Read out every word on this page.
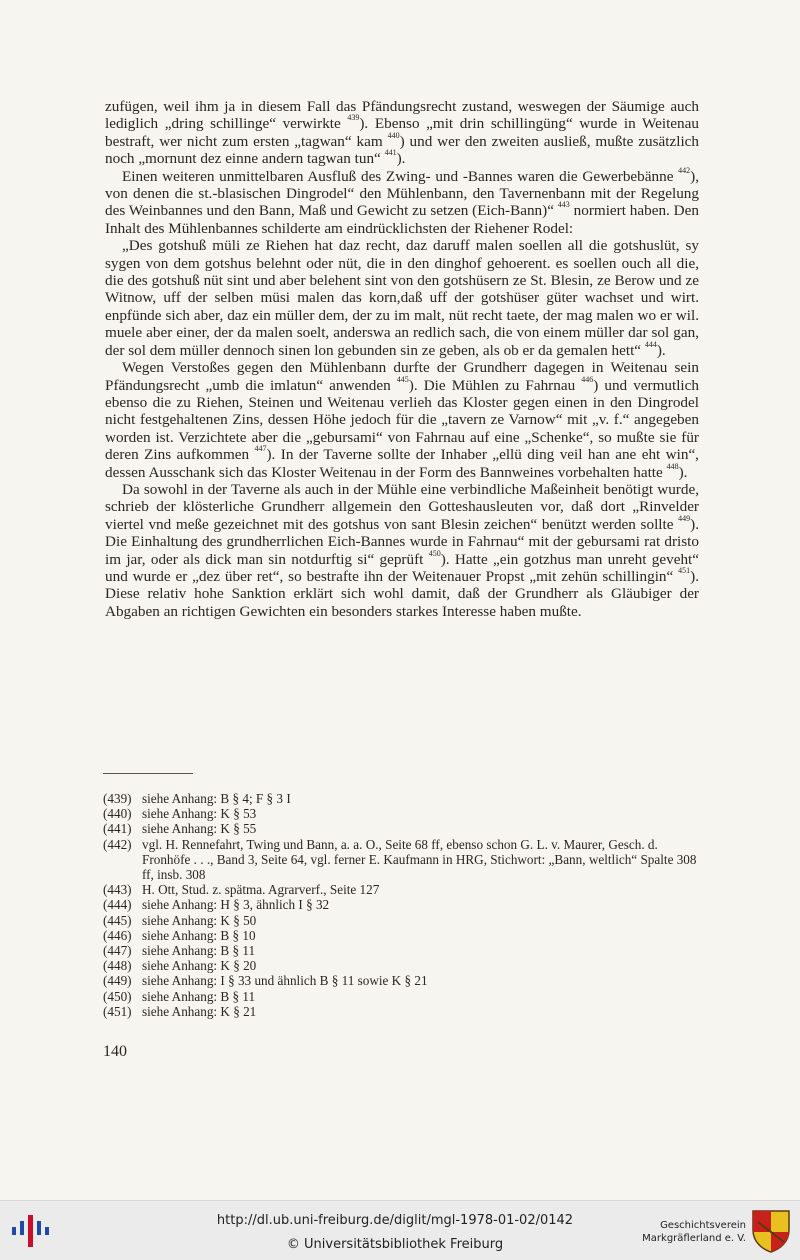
zufügen, weil ihm ja in diesem Fall das Pfändungsrecht zustand, weswegen der Säumige auch lediglich „dring schillinge“ verwirkte $^{439}$). Ebenso „mit drin schillingüng“ wurde in Weitenau bestraft, wer nicht zum ersten „tagwan“ kam $^{440}$) und wer den zweiten ausließ, mußte zusätzlich noch „mornunt dez einne andern tagwan tun“ $^{441}$).

Einen weiteren unmittelbaren Ausfluß des Zwing- und -Bannes waren die Gewerbebänne $^{442}$), von denen die st.-blasischen Dingrodel“ den Mühlenbann, den Tavernenbann mit der Regelung des Weinbannes und den Bann, Maß und Gewicht zu setzen (Eich-Bann)“ $^{443}$ normiert haben. Den Inhalt des Mühlenbannes schilderte am eindrücklichsten der Riehener Rodel:

„Des gotshuß müli ze Riehen hat daz recht, daz daruff malen soellen all die gotshuslüt, sy sygen von dem gotshus belehnt oder nüt, die in den dinghof gehoerent. es soellen ouch all die, die des gotshuß nüt sint und aber belehent sint von den gotshüsern ze St. Blesin, ze Berow und ze Witnow, uff der selben müsi malen das korn,daß uff der gotshüser güter wachset und wirt. enpfünde sich aber, daz ein müller dem, der zu im malt, nüt recht taete, der mag malen wo er wil. muele aber einer, der da malen soelt, anderswa an redlich sach, die von einem müller dar sol gan, der sol dem müller dennoch sinen lon gebunden sin ze geben, als ob er da gemalen hett“ $^{444}$).

Wegen Verstoßes gegen den Mühlenbann durfte der Grundherr dagegen in Weitenau sein Pfändungsrecht „umb die imlatun“ anwenden $^{445}$). Die Mühlen zu Fahrnau $^{446}$) und vermutlich ebenso die zu Riehen, Steinen und Weitenau verlieh das Kloster gegen einen in den Dingrodel nicht festgehaltenen Zins, dessen Höhe jedoch für die „tavern ze Varnow“ mit „v. f.“ angegeben worden ist. Verzichtete aber die „gebursami“ von Fahrnau auf eine „Schenke“, so mußte sie für deren Zins aufkommen $^{447}$). In der Taverne sollte der Inhaber „ellü ding veil han ane eht win“, dessen Ausschank sich das Kloster Weitenau in der Form des Bannweines vorbehalten hatte $^{448}$).

Da sowohl in der Taverne als auch in der Mühle eine verbindliche Maßeinheit benötigt wurde, schrieb der klösterliche Grundherr allgemein den Gotteshausleuten vor, daß dort „Rinvelder viertel vnd meße gezeichnet mit des gotshus von sant Blesin zeichen“ benützt werden sollte $^{449}$). Die Einhaltung des grundherrlichen Eich-Bannes wurde in Fahrnau“ mit der gebursami rat dristo im jar, oder als dick man sin notdurftig si“ geprüft $^{450}$). Hatte „ein gotzhus man unreht geveht“ und wurde er „dez über ret“, so bestrafte ihn der Weitenauer Propst „mit zehün schillingin“ $^{451}$). Diese relativ hohe Sanktion erklärt sich wohl damit, daß der Grundherr als Gläubiger der Abgaben an richtigen Gewichten ein besonders starkes Interesse haben mußte.

(439) siehe Anhang: B § 4; F § 3 I
(440) siehe Anhang: K § 53
(441) siehe Anhang: K § 55
(442) vgl. H. Rennefahrt, Twing und Bann, a. a. O., Seite 68 ff, ebenso schon G. L. v. Maurer, Gesch. d. Fronhöfe . . ., Band 3, Seite 64, vgl. ferner E. Kaufmann in HRG, Stichwort: „Bann, weltlich“ Spalte 308 ff, insb. 308
(443) H. Ott, Stud. z. spätma. Agrarverf., Seite 127
(444) siehe Anhang: H § 3, ähnlich I § 32
(445) siehe Anhang: K § 50
(446) siehe Anhang: B § 10
(447) siehe Anhang: B § 11
(448) siehe Anhang: K § 20
(449) siehe Anhang: I § 33 und ähnlich B § 11 sowie K § 21
(450) siehe Anhang: B § 11
(451) siehe Anhang: K § 21
140
http://dl.ub.uni-freiburg.de/diglit/mgl-1978-01-02/0142
© Universitätsbibliothek Freiburg
Geschichtsverein
Markgräflerland e. V.
